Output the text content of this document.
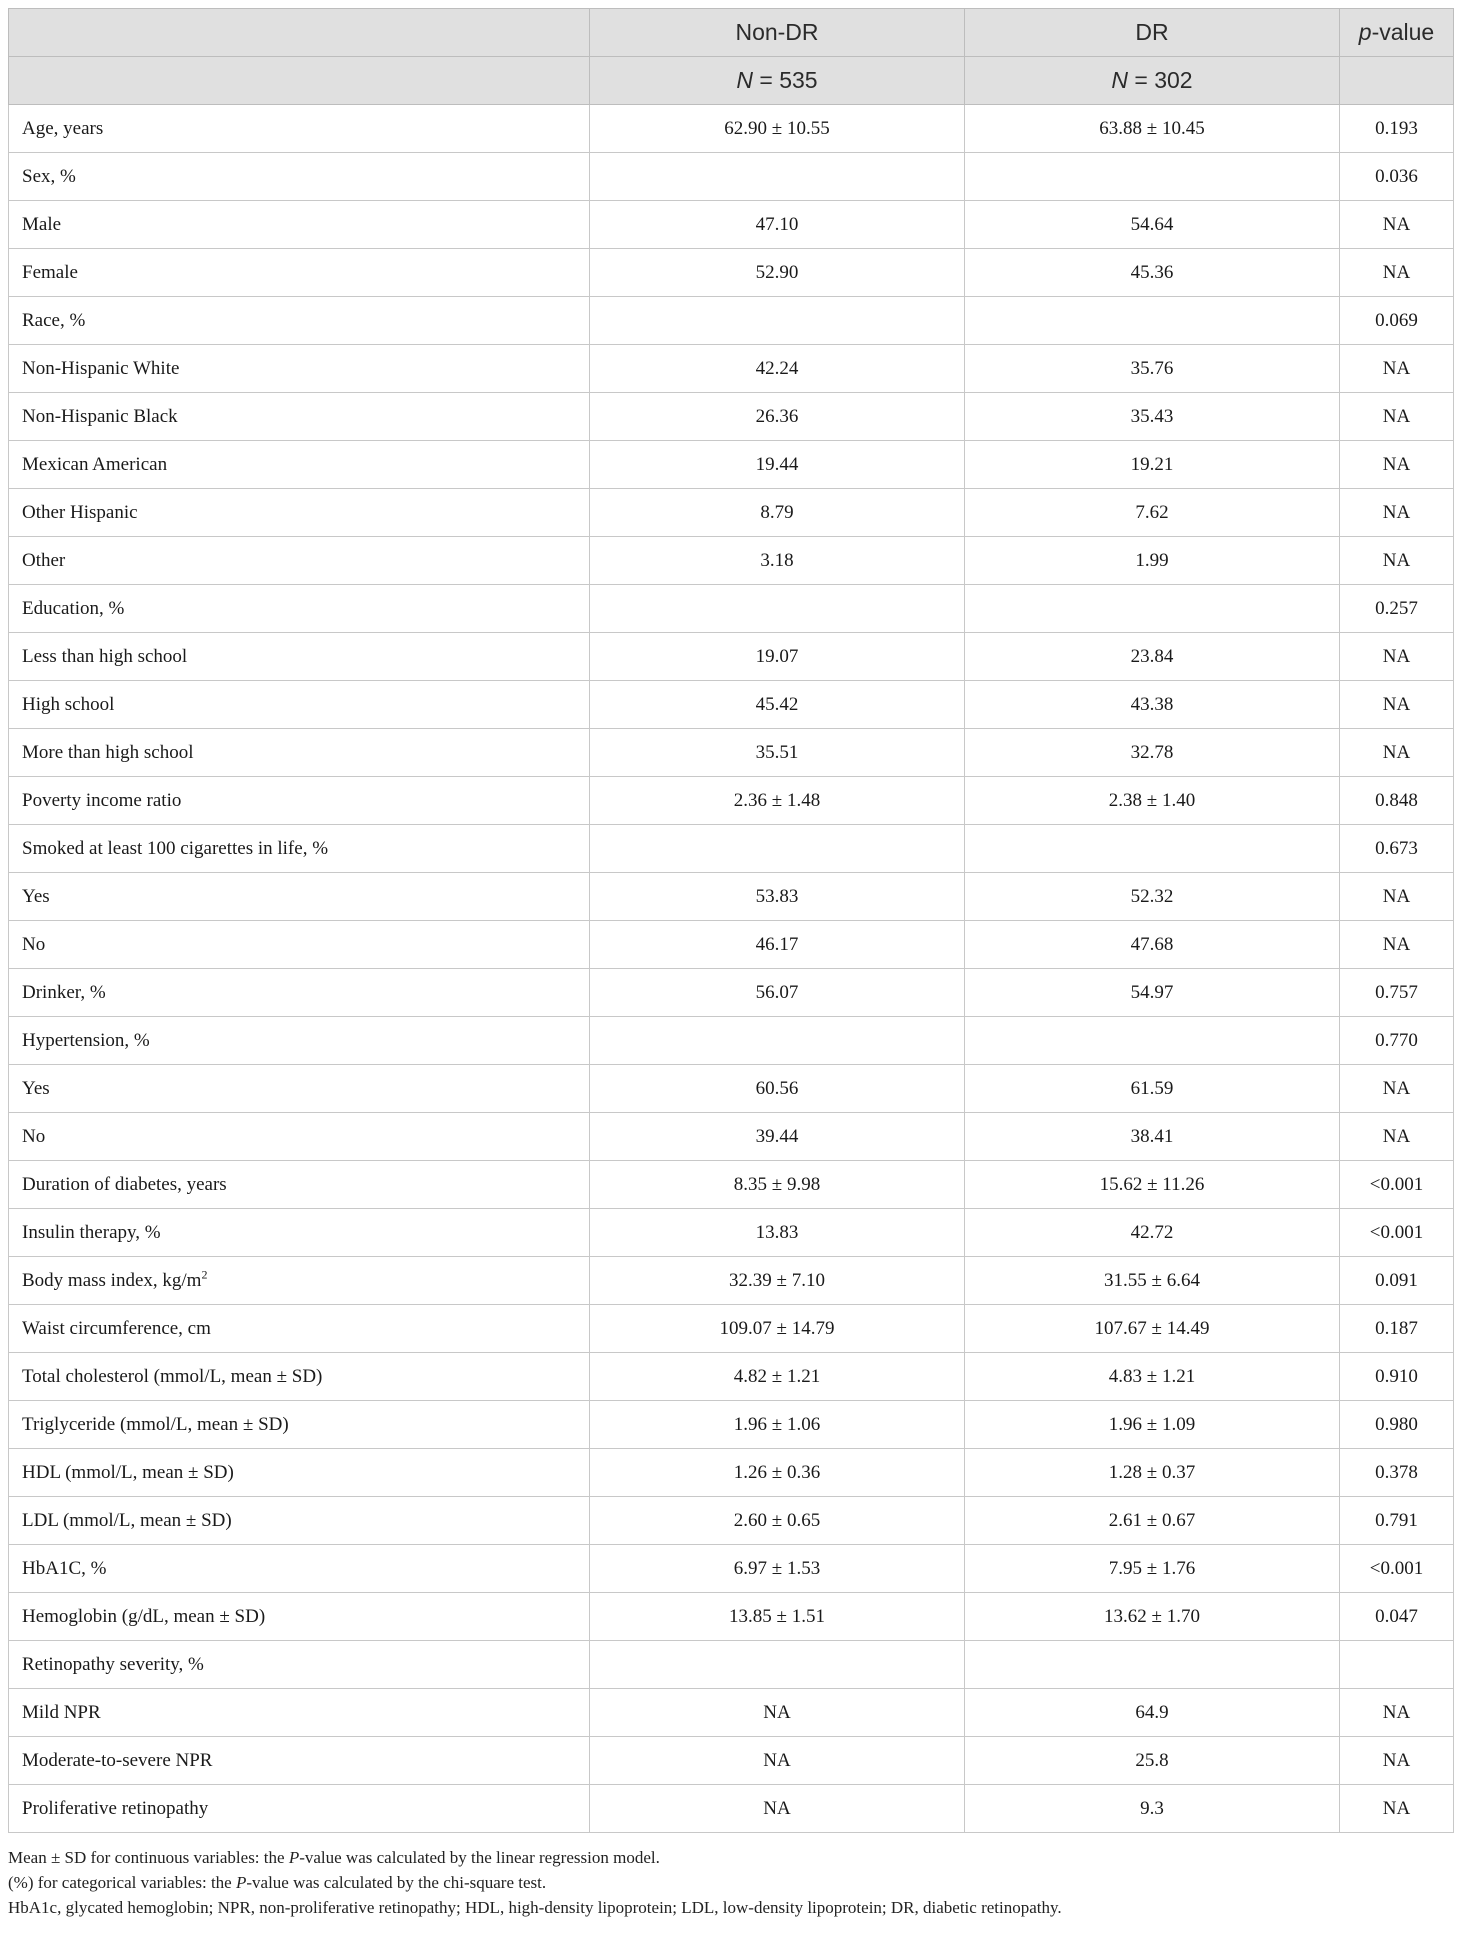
	Non-DR	DR	p-value
	N = 535	N = 302	
Age, years	62.90 ± 10.55	63.88 ± 10.45	0.193
Sex, %			0.036
Male	47.10	54.64	NA
Female	52.90	45.36	NA
Race, %			0.069
Non-Hispanic White	42.24	35.76	NA
Non-Hispanic Black	26.36	35.43	NA
Mexican American	19.44	19.21	NA
Other Hispanic	8.79	7.62	NA
Other	3.18	1.99	NA
Education, %			0.257
Less than high school	19.07	23.84	NA
High school	45.42	43.38	NA
More than high school	35.51	32.78	NA
Poverty income ratio	2.36 ± 1.48	2.38 ± 1.40	0.848
Smoked at least 100 cigarettes in life, %			0.673
Yes	53.83	52.32	NA
No	46.17	47.68	NA
Drinker, %	56.07	54.97	0.757
Hypertension, %			0.770
Yes	60.56	61.59	NA
No	39.44	38.41	NA
Duration of diabetes, years	8.35 ± 9.98	15.62 ± 11.26	<0.001
Insulin therapy, %	13.83	42.72	<0.001
Body mass index, $kg/m^2$	32.39 ± 7.10	31.55 ± 6.64	0.091
Waist circumference, cm	109.07 ± 14.79	107.67 ± 14.49	0.187
Total cholesterol (mmol/L, mean ± SD)	4.82 ± 1.21	4.83 ± 1.21	0.910
Triglyceride (mmol/L, mean ± SD)	1.96 ± 1.06	1.96 ± 1.09	0.980
HDL (mmol/L, mean ± SD)	1.26 ± 0.36	1.28 ± 0.37	0.378
LDL (mmol/L, mean ± SD)	2.60 ± 0.65	2.61 ± 0.67	0.791
HbA1C, %	6.97 ± 1.53	7.95 ± 1.76	<0.001
Hemoglobin (g/dL, mean ± SD)	13.85 ± 1.51	13.62 ± 1.70	0.047
Retinopathy severity, %			
Mild NPR	NA	64.9	NA
Moderate-to-severe NPR	NA	25.8	NA
Proliferative retinopathy	NA	9.3	NA
Mean ± SD for continuous variables: the P-value was calculated by the linear regression model.
(%) for categorical variables: the P-value was calculated by the chi-square test.
HbA1c, glycated hemoglobin; NPR, non-proliferative retinopathy; HDL, high-density lipoprotein; LDL, low-density lipoprotein; DR, diabetic retinopathy.
